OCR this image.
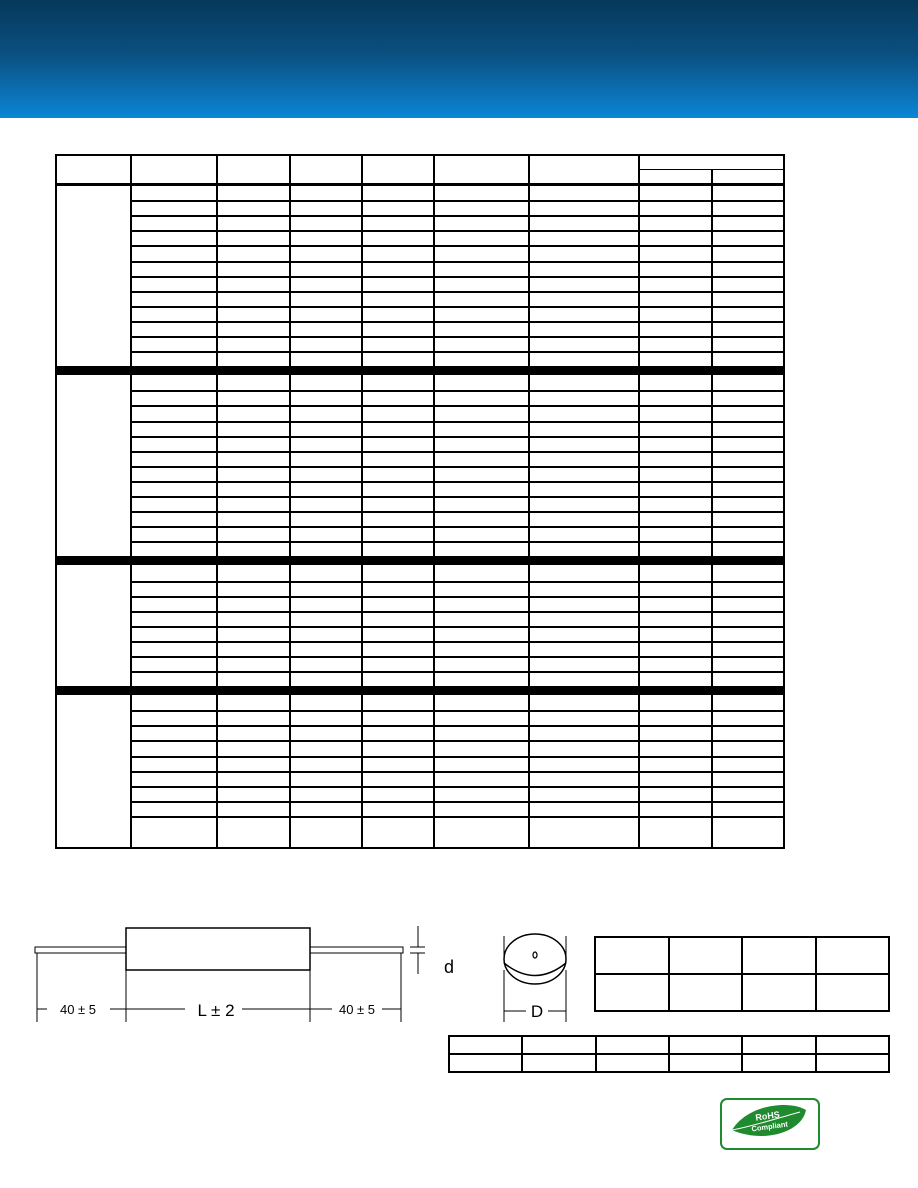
40 ± 5	L ± 2	40 ± 5
d
D

RoHS
Compliant
